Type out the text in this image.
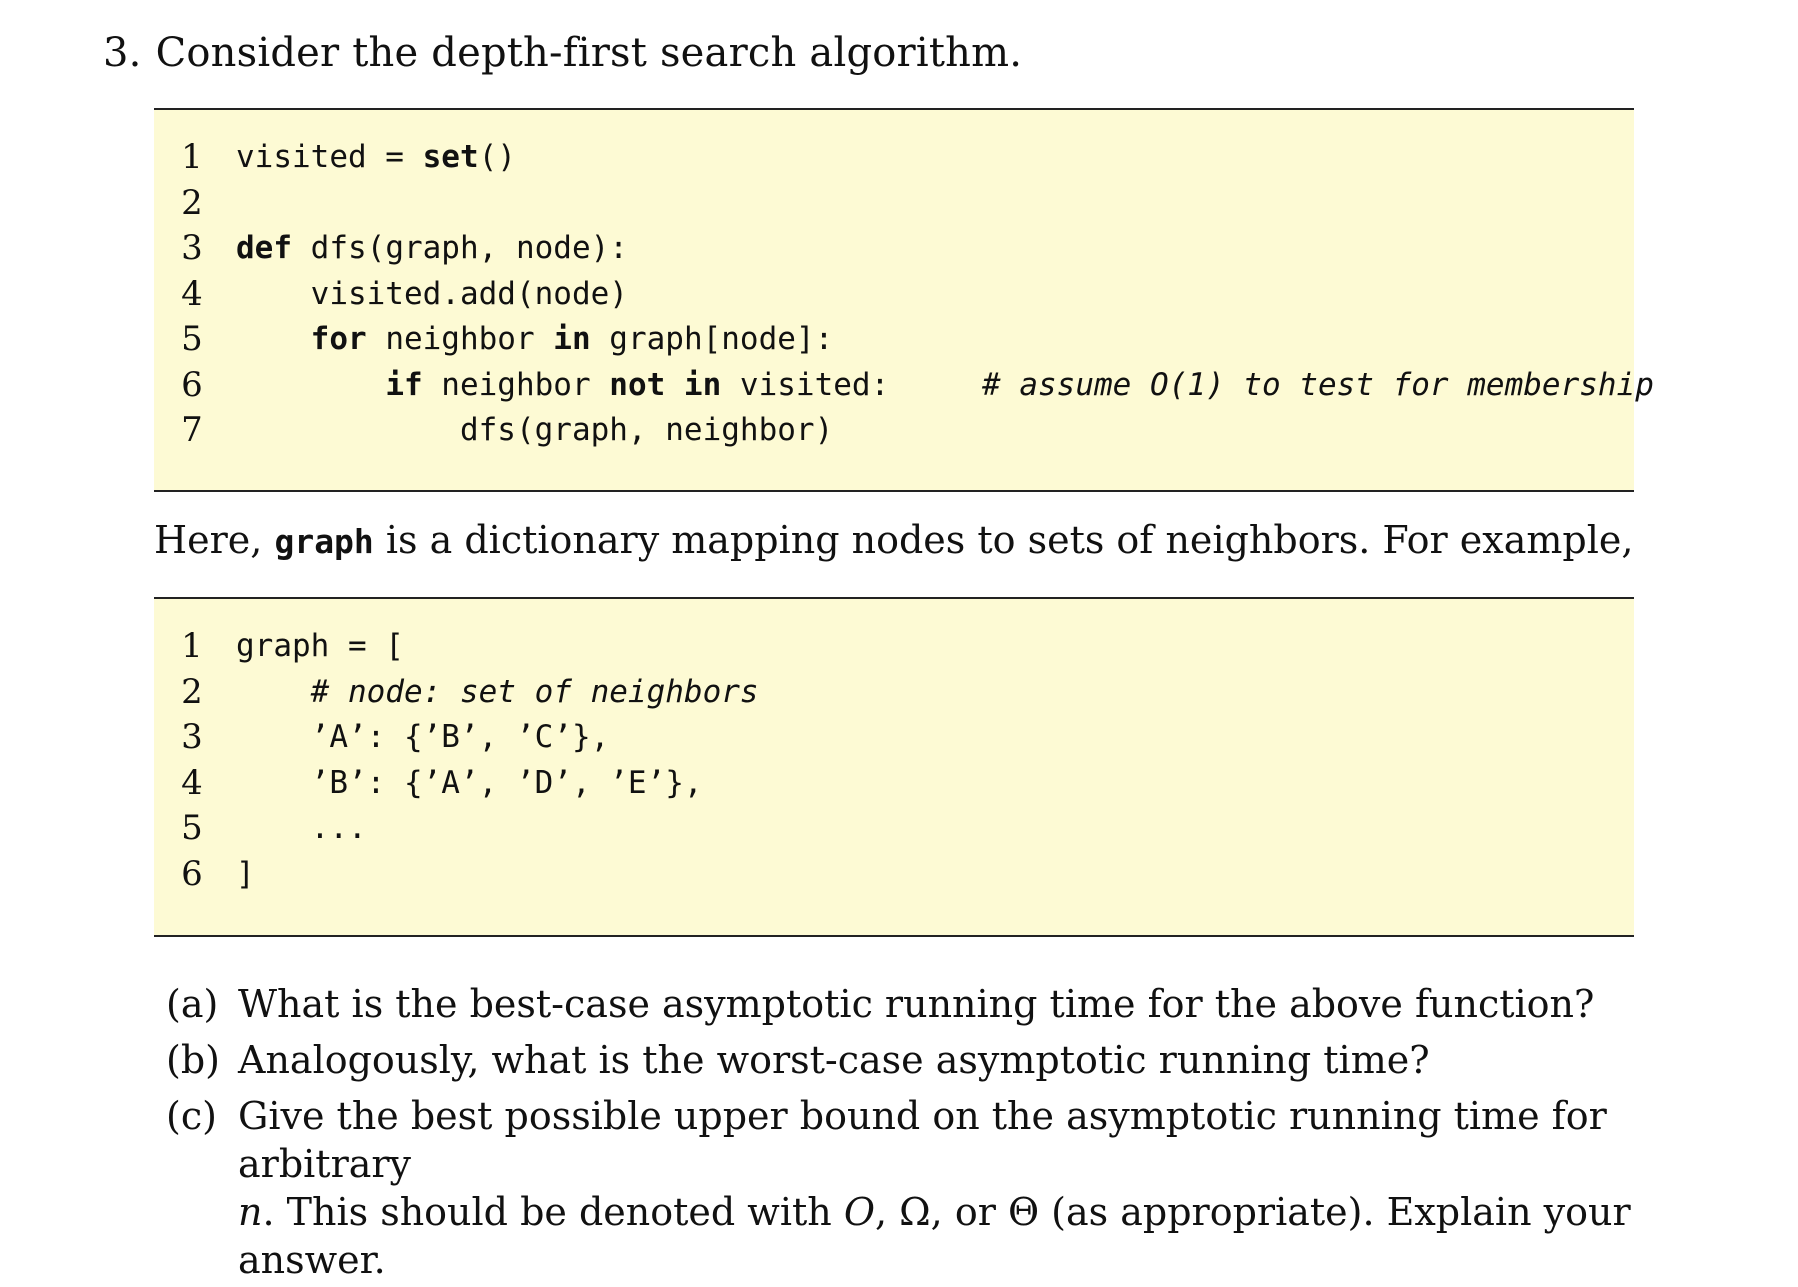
3. Consider the depth-first search algorithm.
1 visited = set()
2
3 def dfs(graph, node):
4 visited.add(node)
5	for neighbor in graph[node]:
6	if neighbor not in visited:	# assume O(1) to test for membership
7 dfs(graph, neighbor)

Here, graph is a dictionary mapping nodes to sets of neighbors. For example,

1 graph = [
2	# node: set of neighbors
3 ’A’: {’B’, ’C’},
4 ’B’: {’A’, ’D’, ’E’},
5 ...
6 ]
(a) What is the best-case asymptotic running time for the above function?
(b) Analogously, what is the worst-case asymptotic running time?
(c) Give the best possible upper bound on the asymptotic running time for arbitrary
n. This should be denoted with O, Ω, or Θ (as appropriate). Explain your answer.
